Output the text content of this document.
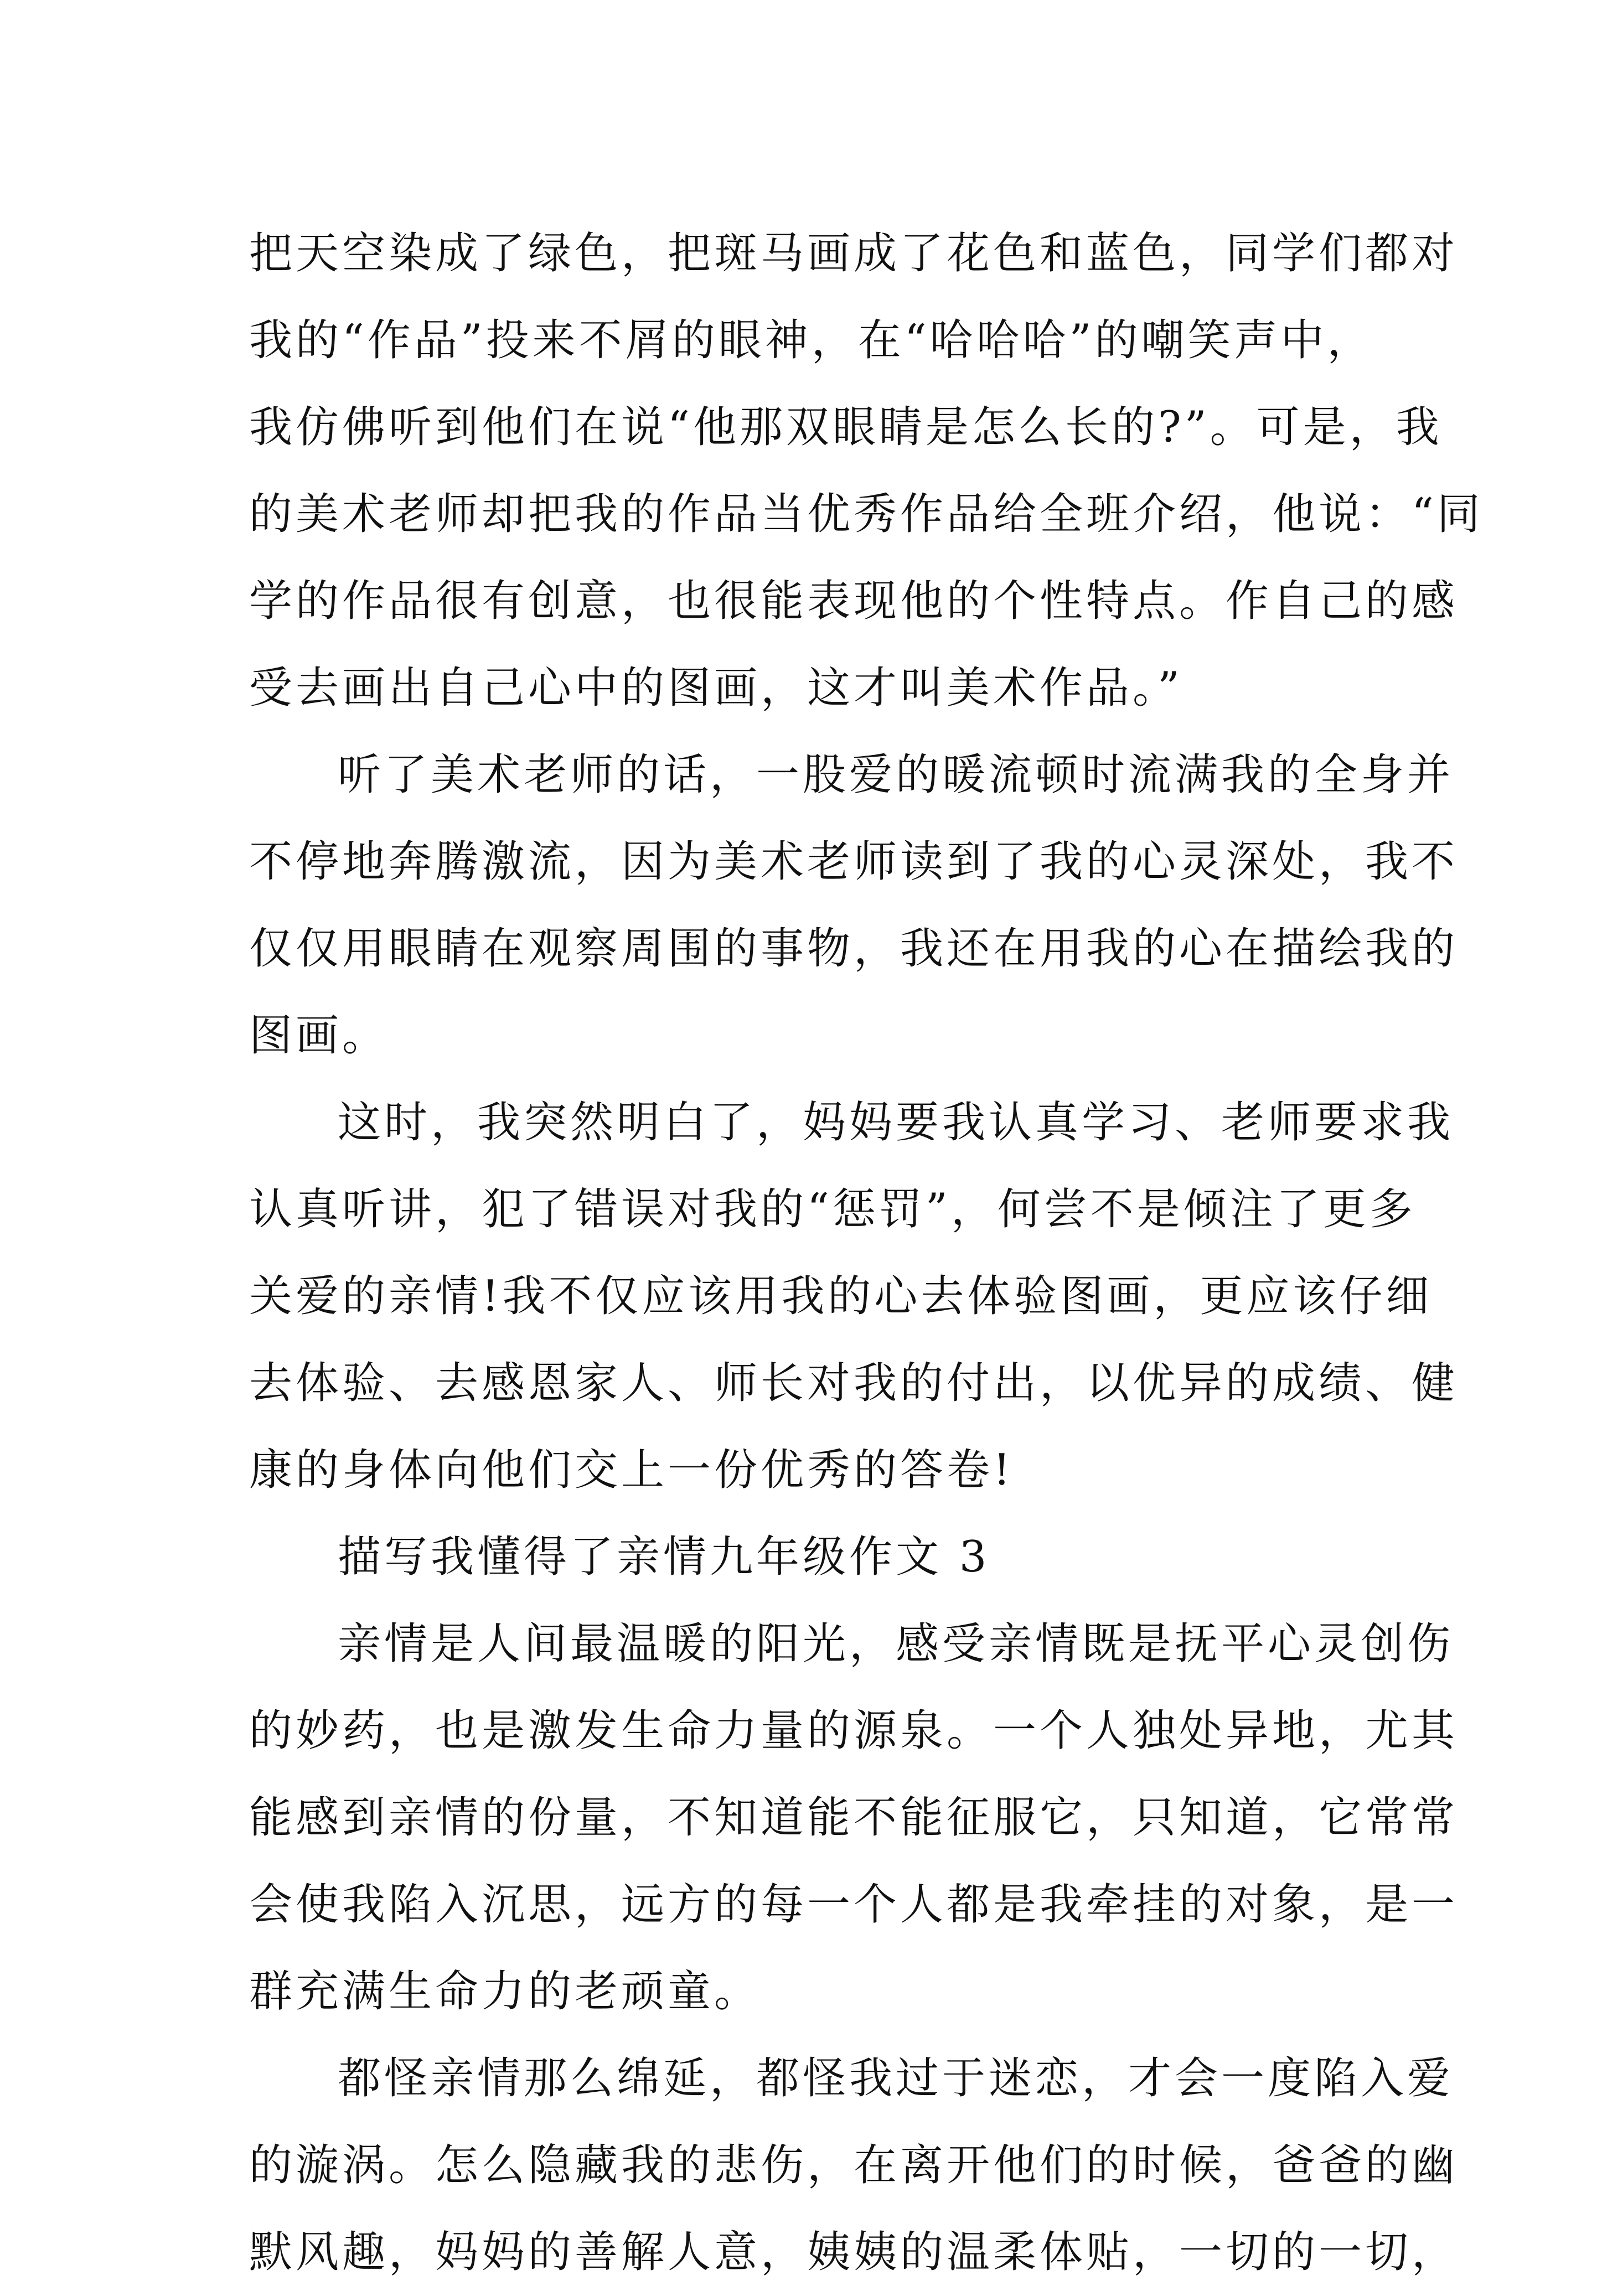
把天空染成了绿色，把斑马画成了花色和蓝色，同学们都对
我的“作品”投来不屑的眼神，在“哈哈哈”的嘲笑声中，
我仿佛听到他们在说“他那双眼睛是怎么长的?”。可是，我
的美术老师却把我的作品当优秀作品给全班介绍，他说：“同
学的作品很有创意，也很能表现他的个性特点。作自己的感
受去画出自己心中的图画，这才叫美术作品。”
听了美术老师的话，一股爱的暖流顿时流满我的全身并
不停地奔腾激流，因为美术老师读到了我的心灵深处，我不
仅仅用眼睛在观察周围的事物，我还在用我的心在描绘我的
图画。
这时，我突然明白了，妈妈要我认真学习、老师要求我
认真听讲，犯了错误对我的“惩罚”，何尝不是倾注了更多
关爱的亲情!我不仅应该用我的心去体验图画，更应该仔细
去体验、去感恩家人、师长对我的付出，以优异的成绩、健
康的身体向他们交上一份优秀的答卷!
描写我懂得了亲情九年级作文 3
亲情是人间最温暖的阳光，感受亲情既是抚平心灵创伤
的妙药，也是激发生命力量的源泉。一个人独处异地，尤其
能感到亲情的份量，不知道能不能征服它，只知道，它常常
会使我陷入沉思，远方的每一个人都是我牵挂的对象，是一
群充满生命力的老顽童。
都怪亲情那么绵延，都怪我过于迷恋，才会一度陷入爱
的漩涡。怎么隐藏我的悲伤，在离开他们的时候，爸爸的幽
默风趣，妈妈的善解人意，姨姨的温柔体贴，一切的一切，
